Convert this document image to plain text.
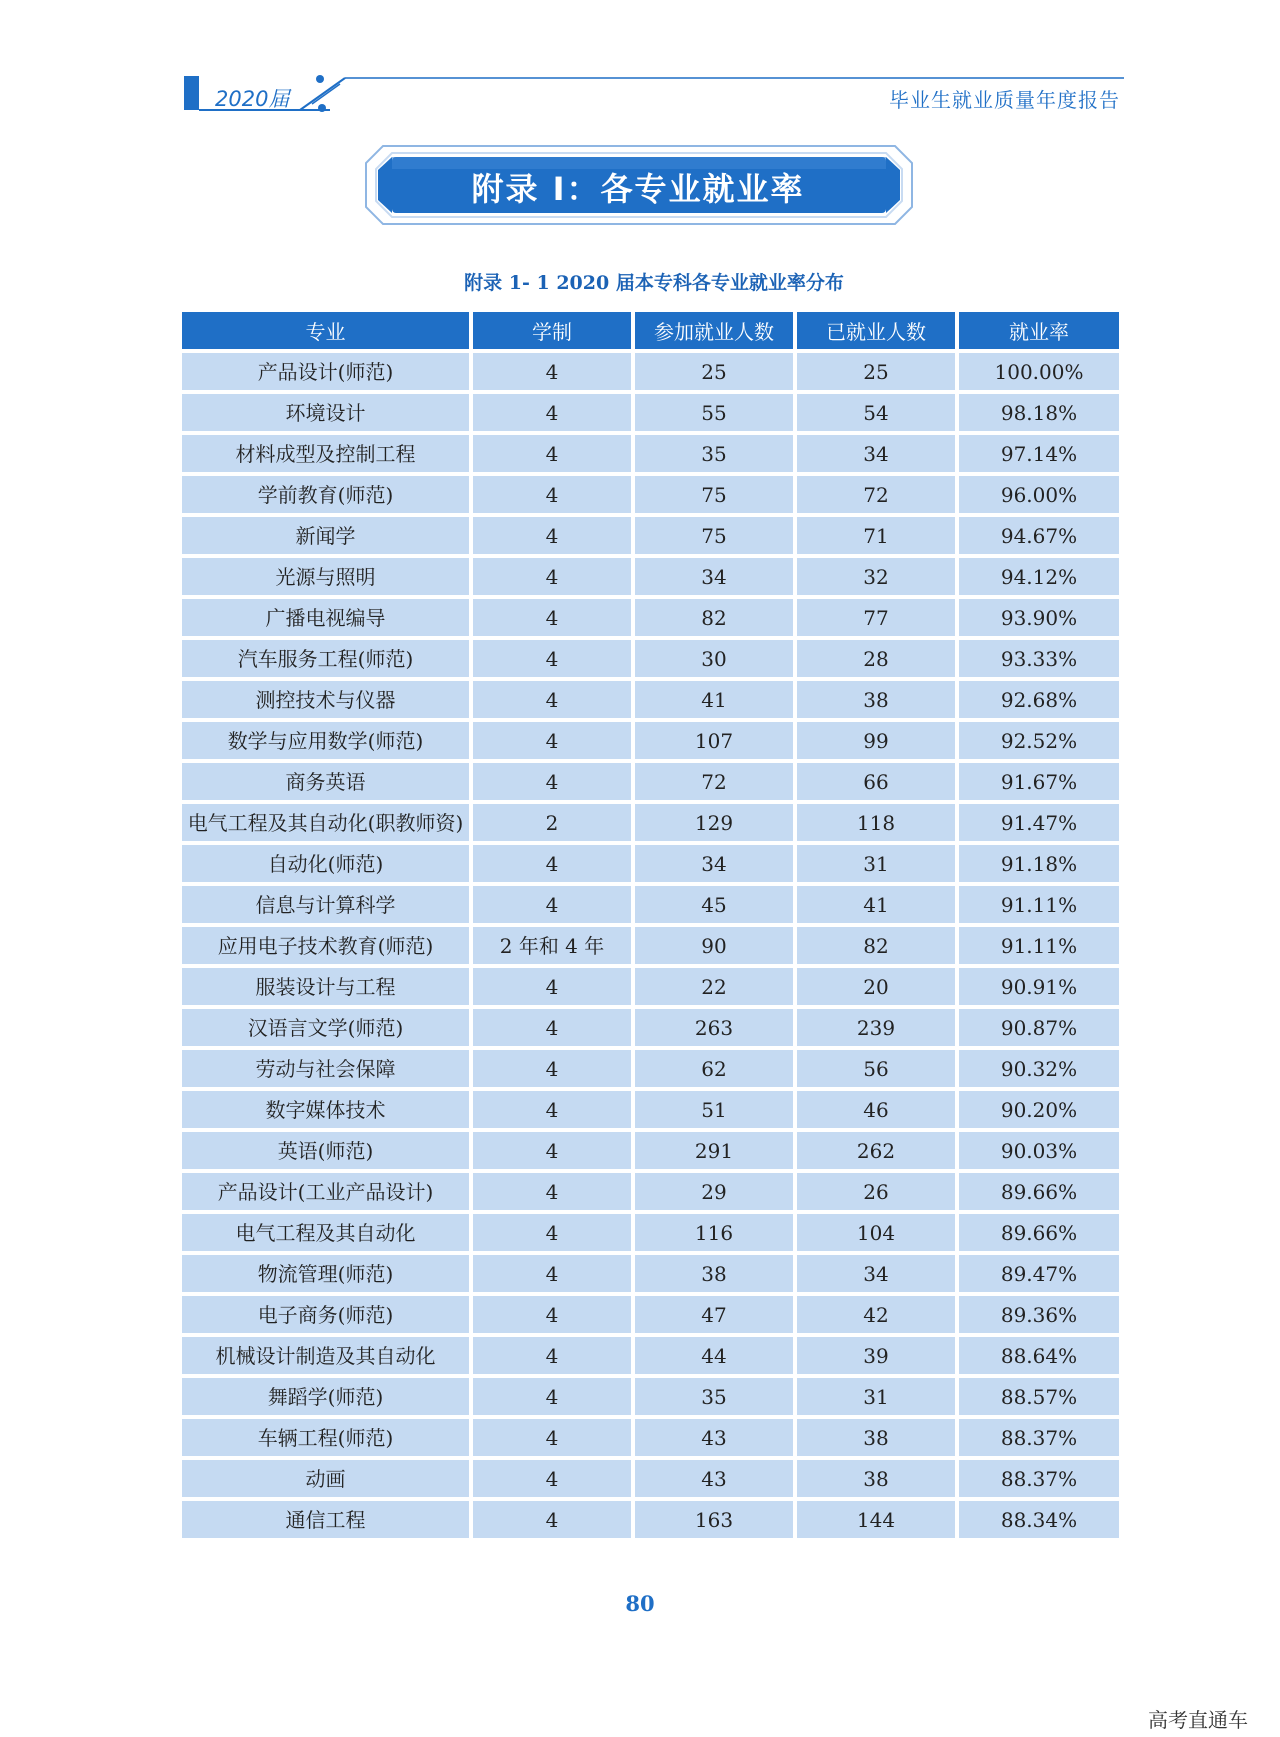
2020届	毕业生就业质量年度报告
附录 I：各专业就业率
附录 1- 1 2020 届本专科各专业就业率分布
专业	学制	参加就业人数	已就业人数	就业率
产品设计(师范)	4	25	25	100.00%
环境设计	4	55	54	98.18%
材料成型及控制工程	4	35	34	97.14%
学前教育(师范)	4	75	72	96.00%
新闻学	4	75	71	94.67%
光源与照明	4	34	32	94.12%
广播电视编导	4	82	77	93.90%
汽车服务工程(师范)	4	30	28	93.33%
测控技术与仪器	4	41	38	92.68%
数学与应用数学(师范)	4	107	99	92.52%
商务英语	4	72	66	91.67%
电气工程及其自动化(职教师资)	2	129	118	91.47%
自动化(师范)	4	34	31	91.18%
信息与计算科学	4	45	41	91.11%
应用电子技术教育(师范)	2 年和 4 年	90	82	91.11%
服装设计与工程	4	22	20	90.91%
汉语言文学(师范)	4	263	239	90.87%
劳动与社会保障	4	62	56	90.32%
数字媒体技术	4	51	46	90.20%
英语(师范)	4	291	262	90.03%
产品设计(工业产品设计)	4	29	26	89.66%
电气工程及其自动化	4	116	104	89.66%
物流管理(师范)	4	38	34	89.47%
电子商务(师范)	4	47	42	89.36%
机械设计制造及其自动化	4	44	39	88.64%
舞蹈学(师范)	4	35	31	88.57%
车辆工程(师范)	4	43	38	88.37%
动画	4	43	38	88.37%
通信工程	4	163	144	88.34%
80
高考直通车
